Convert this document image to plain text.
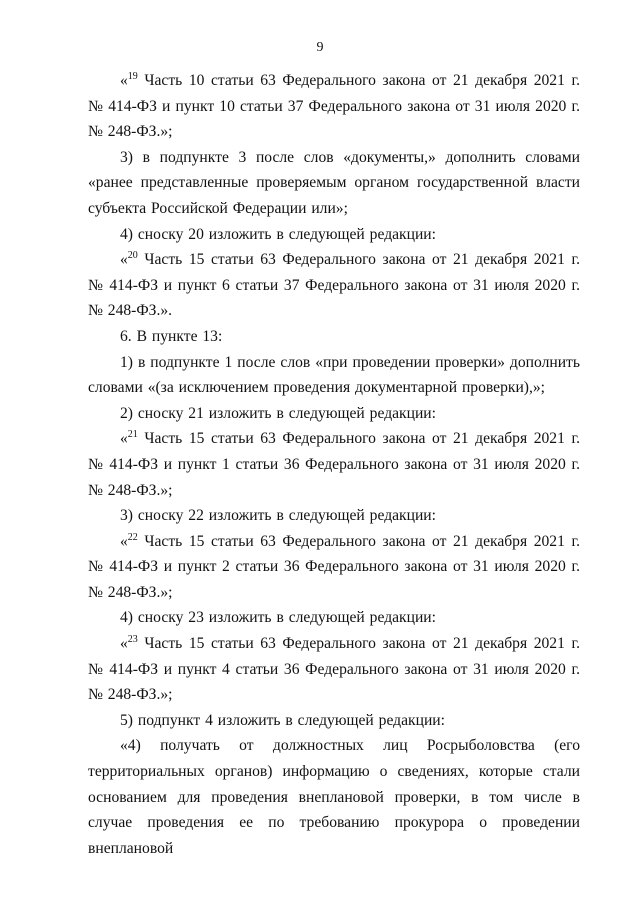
9

«$^{19}$ Часть 10 статьи 63 Федерального закона от 21 декабря 2021 г. № 414-ФЗ и пункт 10 статьи 37 Федерального закона от 31 июля 2020 г. № 248-ФЗ.»;

3) в подпункте 3 после слов «документы,» дополнить словами «ранее представленные проверяемым органом государственной власти субъекта Российской Федерации или»;

4) сноску 20 изложить в следующей редакции:

«$^{20}$ Часть 15 статьи 63 Федерального закона от 21 декабря 2021 г. № 414-ФЗ и пункт 6 статьи 37 Федерального закона от 31 июля 2020 г. № 248-ФЗ.».

6. В пункте 13:

1) в подпункте 1 после слов «при проведении проверки» дополнить словами «(за исключением проведения документарной проверки),»;

2) сноску 21 изложить в следующей редакции:

«$^{21}$ Часть 15 статьи 63 Федерального закона от 21 декабря 2021 г. № 414-ФЗ и пункт 1 статьи 36 Федерального закона от 31 июля 2020 г. № 248-ФЗ.»;

3) сноску 22 изложить в следующей редакции:

«$^{22}$ Часть 15 статьи 63 Федерального закона от 21 декабря 2021 г. № 414-ФЗ и пункт 2 статьи 36 Федерального закона от 31 июля 2020 г. № 248-ФЗ.»;

4) сноску 23 изложить в следующей редакции:

«$^{23}$ Часть 15 статьи 63 Федерального закона от 21 декабря 2021 г. № 414-ФЗ и пункт 4 статьи 36 Федерального закона от 31 июля 2020 г. № 248-ФЗ.»;

5) подпункт 4 изложить в следующей редакции:

«4) получать от должностных лиц Росрыболовства (его территориальных органов) информацию о сведениях, которые стали основанием для проведения внеплановой проверки, в том числе в случае проведения ее по требованию прокурора о проведении внеплановой
